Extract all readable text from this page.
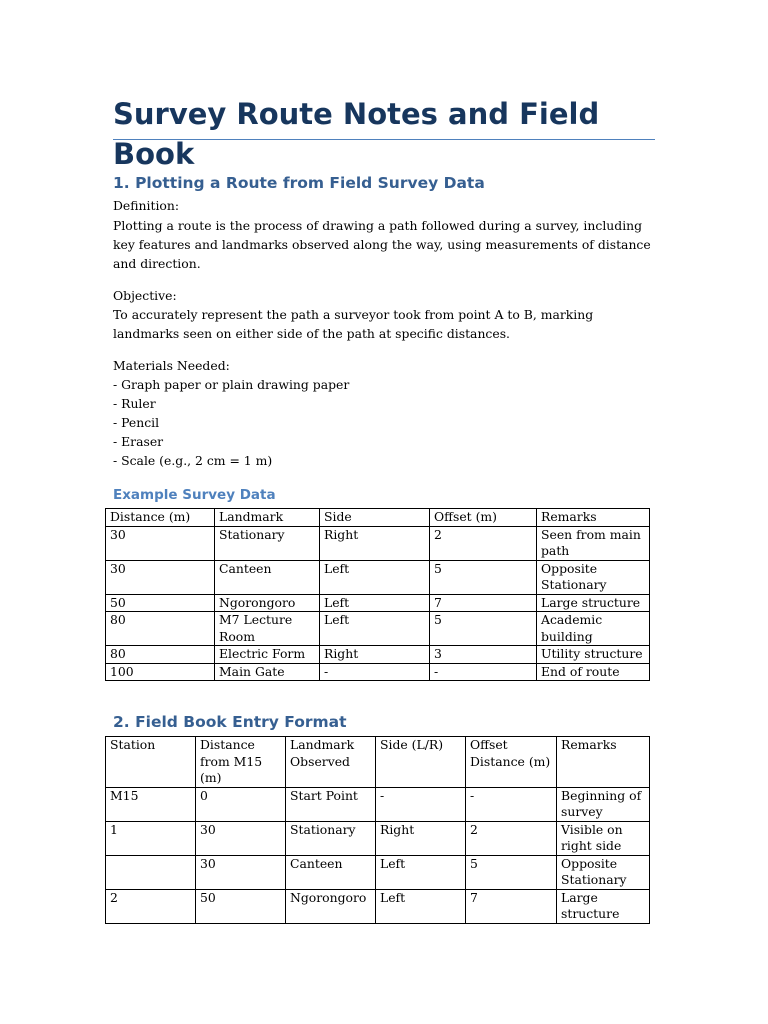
Survey Route Notes and Field Book
1. Plotting a Route from Field Survey Data

Definition:

Plotting a route is the process of drawing a path followed during a survey, including key features and landmarks observed along the way, using measurements of distance and direction.

Objective:

To accurately represent the path a surveyor took from point A to B, marking landmarks seen on either side of the path at specific distances.

Materials Needed:

- Graph paper or plain drawing paper
- Ruler
- Pencil
- Eraser
- Scale (e.g., 2 cm = 1 m)
Example Survey Data
Distance (m)	Landmark	Side	Offset (m)	Remarks
30	Stationary	Right	2	Seen from main path
30	Canteen	Left	5	Opposite Stationary
50	Ngorongoro	Left	7	Large structure
80	M7 Lecture Room	Left	5	Academic building
80	Electric Form	Right	3	Utility structure
100	Main Gate	-	-	End of route
2. Field Book Entry Format
Station	Distance from M15 (m)	Landmark Observed	Side (L/R)	Offset Distance (m)	Remarks
M15	0	Start Point	-	-	Beginning of survey
1	30	Stationary	Right	2	Visible on right side
	30	Canteen	Left	5	Opposite Stationary
2	50	Ngorongoro	Left	7	Large structure
